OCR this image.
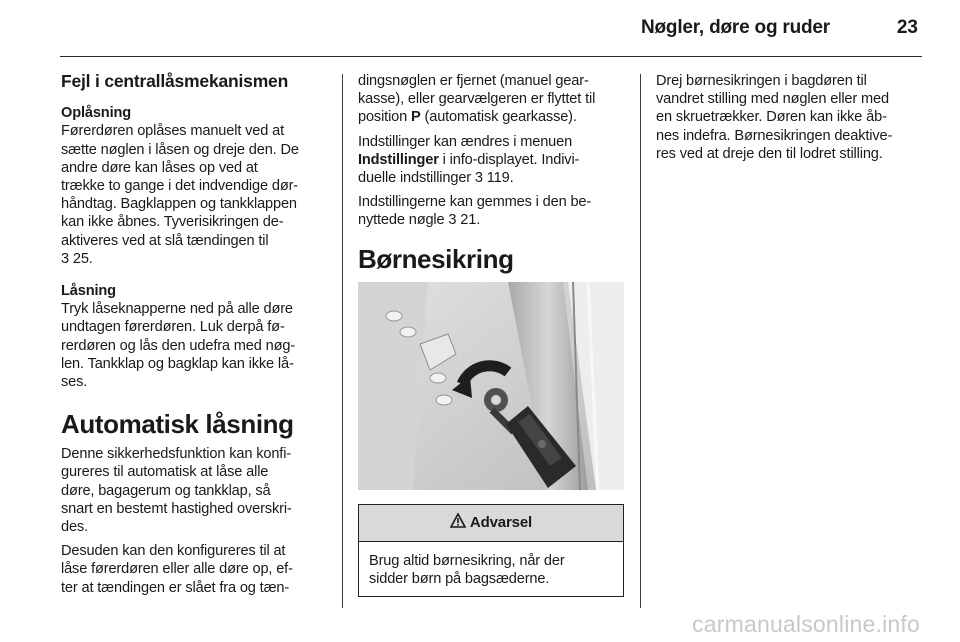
Nøgler, døre og ruder	23
Fejl i centrallåsmekanismen
Oplåsning

Førerdøren oplåses manuelt ved at
sætte nøglen i låsen og dreje den. De
andre døre kan låses op ved at
trække to gange i det indvendige dør-
håndtag. Bagklappen og tankklappen
kan ikke åbnes. Tyverisikringen de-
aktiveres ved at slå tændingen til
3 25.

Låsning

Tryk låseknapperne ned på alle døre
undtagen førerdøren. Luk derpå fø-
rerdøren og lås den udefra med nøg-
len. Tankklap og bagklap kan ikke lå-
ses.

Automatisk låsning

Denne sikkerhedsfunktion kan konfi-
gureres til automatisk at låse alle
døre, bagagerum og tankklap, så
snart en bestemt hastighed overskri-
des.

Desuden kan den konfigureres til at
låse førerdøren eller alle døre op, ef-
ter at tændingen er slået fra og tæn-

dingsnøglen er fjernet (manuel gear-
kasse), eller gearvælgeren er flyttet til
position P (automatisk gearkasse).

Indstillinger kan ændres i menuen
Indstillinger i info-displayet. Indivi-
duelle indstillinger 3 119.

Indstillingerne kan gemmes i den be-
nyttede nøgle 3 21.

Børnesikring
Advarsel
Brug altid børnesikring, når der
sidder børn på bagsæderne.

Drej børnesikringen i bagdøren til
vandret stilling med nøglen eller med
en skruetrækker. Døren kan ikke åb-
nes indefra. Børnesikringen deaktive-
res ved at dreje den til lodret stilling.

carmanualsonline.info
